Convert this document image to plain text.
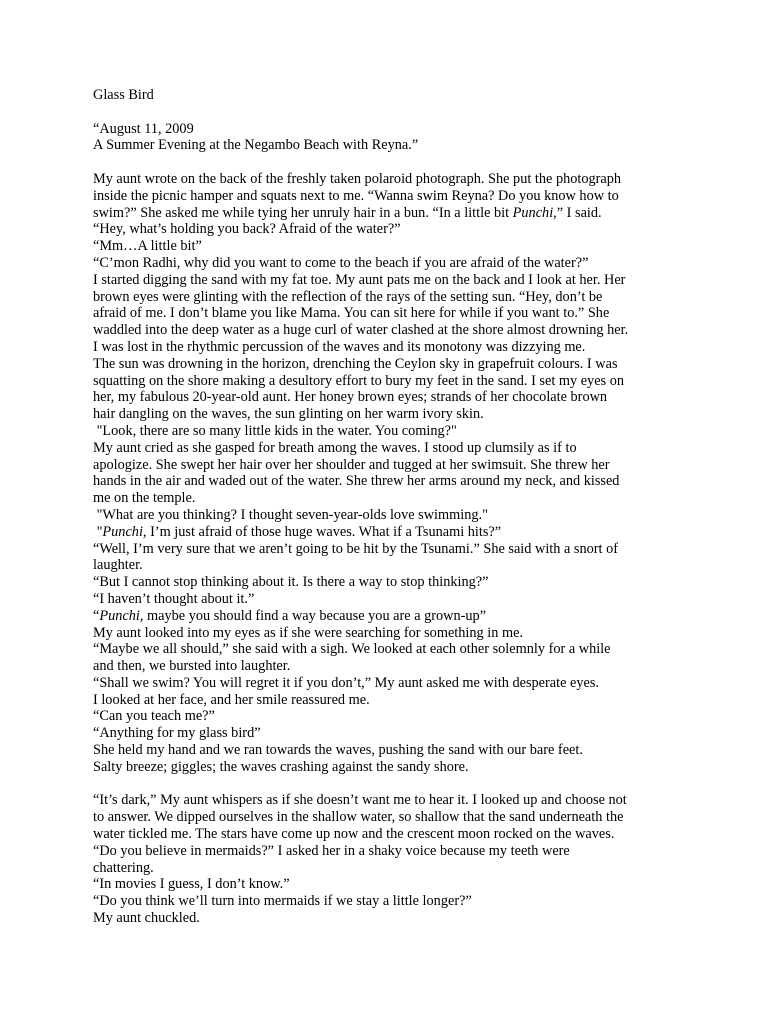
Glass Bird
“August 11, 2009
A Summer Evening at the Negambo Beach with Reyna.”
My aunt wrote on the back of the freshly taken polaroid photograph. She put the photograph
inside the picnic hamper and squats next to me. “Wanna swim Reyna? Do you know how to
swim?” She asked me while tying her unruly hair in a bun. “In a little bit Punchi,” I said.
“Hey, what’s holding you back? Afraid of the water?”
“Mm…A little bit”
“C’mon Radhi, why did you want to come to the beach if you are afraid of the water?”
I started digging the sand with my fat toe. My aunt pats me on the back and I look at her. Her
brown eyes were glinting with the reflection of the rays of the setting sun. “Hey, don’t be
afraid of me. I don’t blame you like Mama. You can sit here for while if you want to.” She
waddled into the deep water as a huge curl of water clashed at the shore almost drowning her.
I was lost in the rhythmic percussion of the waves and its monotony was dizzying me.
The sun was drowning in the horizon, drenching the Ceylon sky in grapefruit colours. I was
squatting on the shore making a desultory effort to bury my feet in the sand. I set my eyes on
her, my fabulous 20-year-old aunt. Her honey brown eyes; strands of her chocolate brown
hair dangling on the waves, the sun glinting on her warm ivory skin.
"Look, there are so many little kids in the water. You coming?"
My aunt cried as she gasped for breath among the waves. I stood up clumsily as if to
apologize. She swept her hair over her shoulder and tugged at her swimsuit. She threw her
hands in the air and waded out of the water. She threw her arms around my neck, and kissed
me on the temple.
"What are you thinking? I thought seven-year-olds love swimming."
"Punchi, I’m just afraid of those huge waves. What if a Tsunami hits?”
“Well, I’m very sure that we aren’t going to be hit by the Tsunami.” She said with a snort of
laughter.
“But I cannot stop thinking about it. Is there a way to stop thinking?”
“I haven’t thought about it.”
“Punchi, maybe you should find a way because you are a grown-up”
My aunt looked into my eyes as if she were searching for something in me.
“Maybe we all should,” she said with a sigh. We looked at each other solemnly for a while
and then, we bursted into laughter.
“Shall we swim? You will regret it if you don’t,” My aunt asked me with desperate eyes.
I looked at her face, and her smile reassured me.
“Can you teach me?”
“Anything for my glass bird”
She held my hand and we ran towards the waves, pushing the sand with our bare feet.
Salty breeze; giggles; the waves crashing against the sandy shore.
“It’s dark,” My aunt whispers as if she doesn’t want me to hear it. I looked up and choose not
to answer. We dipped ourselves in the shallow water, so shallow that the sand underneath the
water tickled me. The stars have come up now and the crescent moon rocked on the waves.
“Do you believe in mermaids?” I asked her in a shaky voice because my teeth were
chattering.
“In movies I guess, I don’t know.”
“Do you think we’ll turn into mermaids if we stay a little longer?”
My aunt chuckled.
